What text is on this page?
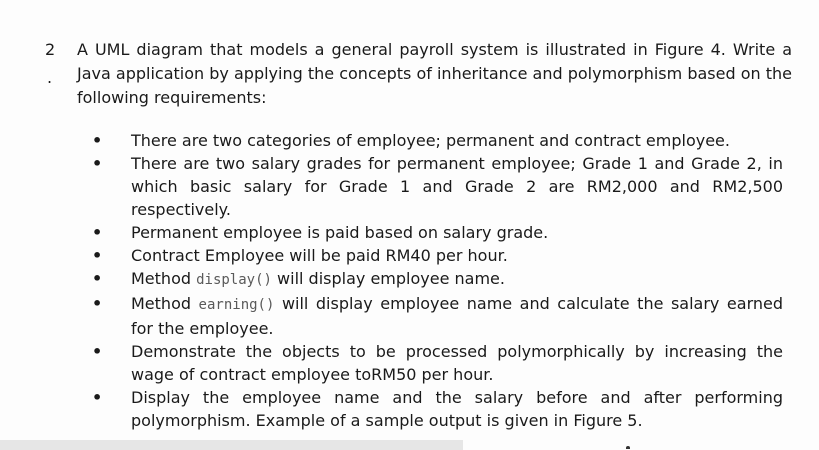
2
.
A UML diagram that models a general payroll system is illustrated in Figure 4. Write a Java application by applying the concepts of inheritance and polymorphism based on the following requirements:
• There are two categories of employee; permanent and contract employee.
• There are two salary grades for permanent employee; Grade 1 and Grade 2, in which basic salary for Grade 1 and Grade 2 are RM2,000 and RM2,500 respectively.
• Permanent employee is paid based on salary grade.
• Contract Employee will be paid RM40 per hour.
• Method display() will display employee name.
• Method earning() will display employee name and calculate the salary earned for the employee.
• Demonstrate the objects to be processed polymorphically by increasing the wage of contract employee toRM50 per hour.
• Display the employee name and the salary before and after performing polymorphism. Example of a sample output is given in Figure 5.
